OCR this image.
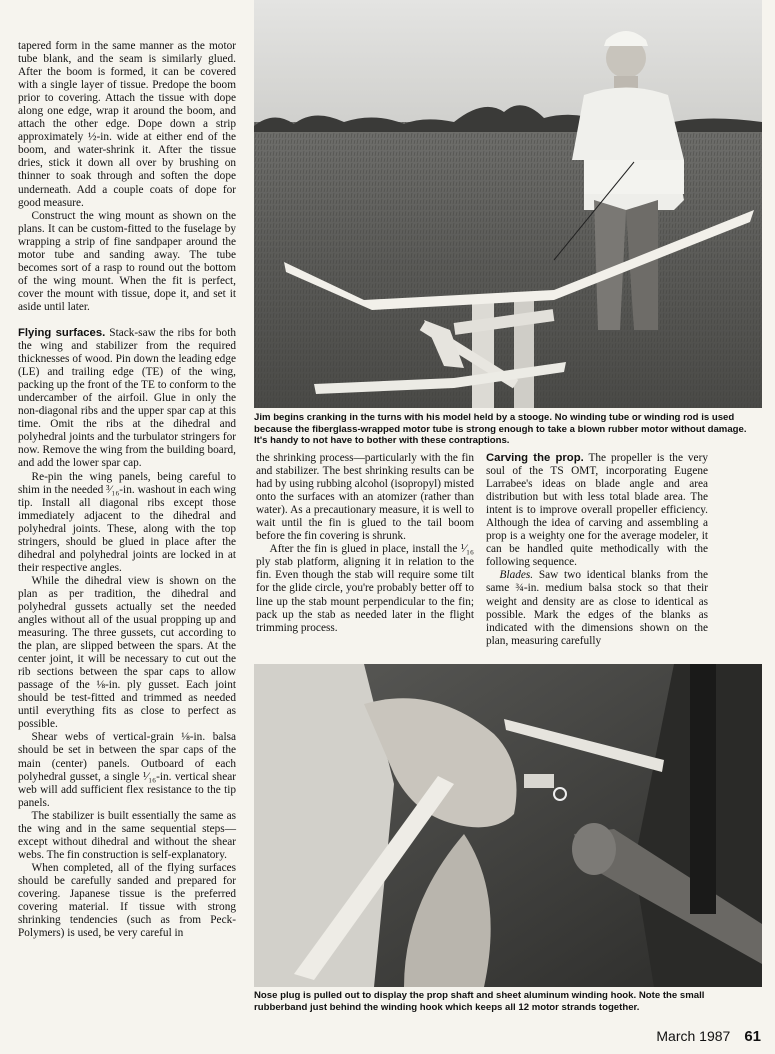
tapered form in the same manner as the motor tube blank, and the seam is similarly glued. After the boom is formed, it can be covered with a single layer of tissue. Predope the boom prior to covering. Attach the tissue with dope along one edge, wrap it around the boom, and attach the other edge. Dope down a strip approximately ½-in. wide at either end of the boom, and water-shrink it. After the tissue dries, stick it down all over by brushing on thinner to soak through and soften the dope underneath. Add a couple coats of dope for good measure.

Construct the wing mount as shown on the plans. It can be custom-fitted to the fuselage by wrapping a strip of fine sandpaper around the motor tube and sanding away. The tube becomes sort of a rasp to round out the bottom of the wing mount. When the fit is perfect, cover the mount with tissue, dope it, and set it aside until later.

Flying surfaces. Stack-saw the ribs for both the wing and stabilizer from the required thicknesses of wood. Pin down the leading edge (LE) and trailing edge (TE) of the wing, packing up the front of the TE to conform to the undercamber of the airfoil. Glue in only the non-diagonal ribs and the upper spar cap at this time. Omit the ribs at the dihedral and polyhedral joints and the turbulator stringers for now. Remove the wing from the building board, and add the lower spar cap.

Re-pin the wing panels, being careful to shim in the needed ³⁄₁₆-in. washout in each wing tip. Install all diagonal ribs except those immediately adjacent to the dihedral and polyhedral joints. These, along with the top stringers, should be glued in place after the dihedral and polyhedral joints are locked in at their respective angles.

While the dihedral view is shown on the plan as per tradition, the dihedral and polyhedral gussets actually set the needed angles without all of the usual propping up and measuring. The three gussets, cut according to the plan, are slipped between the spars. At the center joint, it will be necessary to cut out the rib sections between the spar caps to allow passage of the ⅛-in. ply gusset. Each joint should be test-fitted and trimmed as needed until everything fits as close to perfect as possible.

Shear webs of vertical-grain ⅛-in. balsa should be set in between the spar caps of the main (center) panels. Outboard of each polyhedral gusset, a single ¹⁄₁₆-in. vertical shear web will add sufficient flex resistance to the tip panels.

The stabilizer is built essentially the same as the wing and in the same sequential steps—except without dihedral and without the shear webs. The fin construction is self-explanatory.

When completed, all of the flying surfaces should be carefully sanded and prepared for covering. Japanese tissue is the preferred covering material. If tissue with strong shrinking tendencies (such as from Peck-Polymers) is used, be very careful in

Jim begins cranking in the turns with his model held by a stooge. No winding tube or winding rod is used because the fiberglass-wrapped motor tube is strong enough to take a blown rubber motor without damage. It's handy to not have to bother with these contraptions.

the shrinking process—particularly with the fin and stabilizer. The best shrinking results can be had by using rubbing alcohol (isopropyl) misted onto the surfaces with an atomizer (rather than water). As a precautionary measure, it is well to wait until the fin is glued to the tail boom before the fin covering is shrunk.

After the fin is glued in place, install the ¹⁄₁₆ ply stab platform, aligning it in relation to the fin. Even though the stab will require some tilt for the glide circle, you're probably better off to line up the stab mount perpendicular to the fin; pack up the stab as needed later in the flight trimming process.

Carving the prop. The propeller is the very soul of the TS OMT, incorporating Eugene Larrabee's ideas on blade angle and area distribution but with less total blade area. The intent is to improve overall propeller efficiency. Although the idea of carving and assembling a prop is a weighty one for the average modeler, it can be handled quite methodically with the following sequence.

Blades. Saw two identical blanks from the same ¾-in. medium balsa stock so that their weight and density are as close to identical as possible. Mark the edges of the blanks as indicated with the dimensions shown on the plan, measuring carefully

Nose plug is pulled out to display the prop shaft and sheet aluminum winding hook. Note the small rubberband just behind the winding hook which keeps all 12 motor strands together.
March 1987 61
